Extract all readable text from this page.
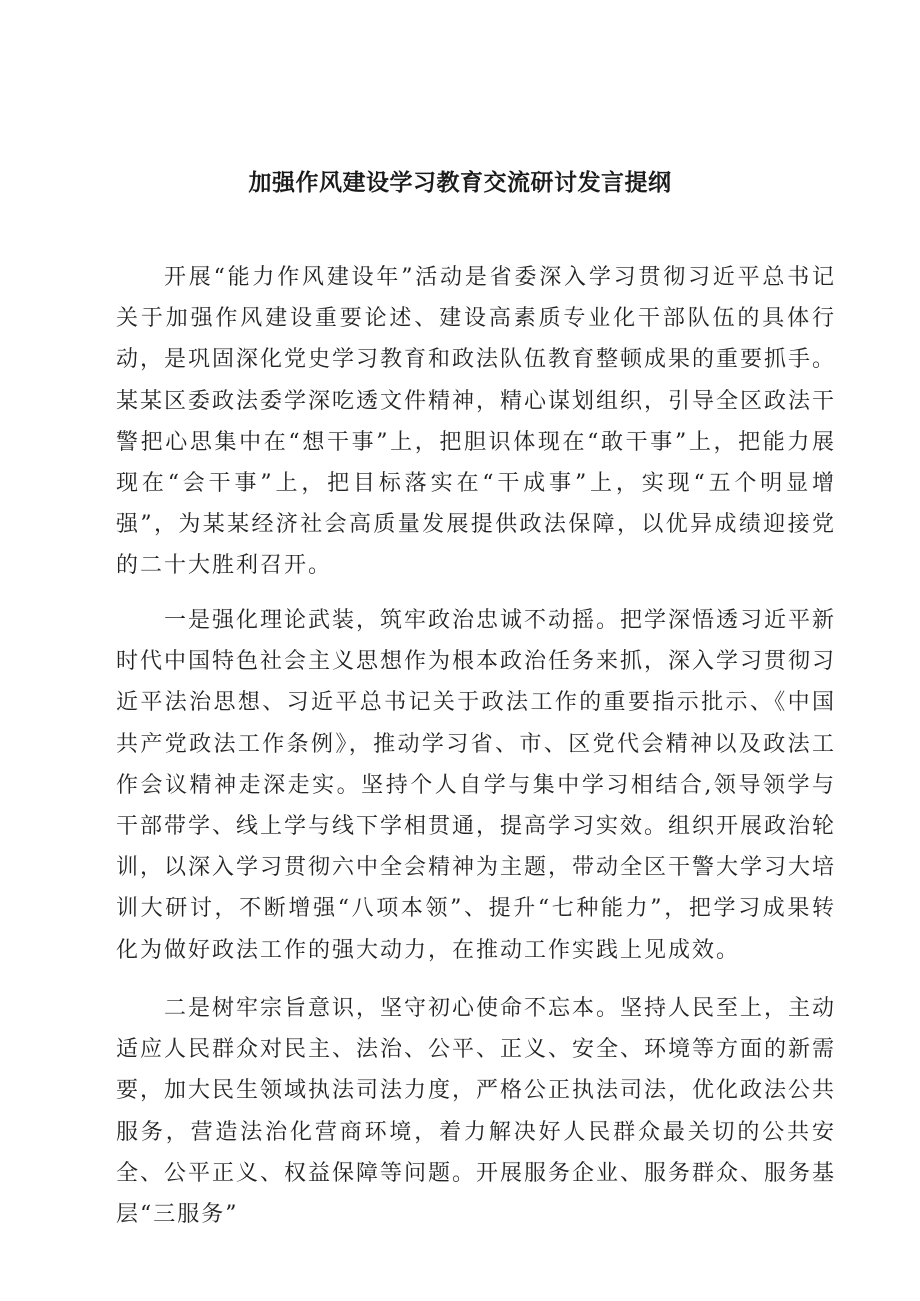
加强作风建设学习教育交流研讨发言提纲

开展“能力作风建设年”活动是省委深入学习贯彻习近平总书记关于加强作风建设重要论述、建设高素质专业化干部队伍的具体行动，是巩固深化党史学习教育和政法队伍教育整顿成果的重要抓手。某某区委政法委学深吃透文件精神，精心谋划组织，引导全区政法干警把心思集中在“想干事”上，把胆识体现在“敢干事”上，把能力展现在“会干事”上，把目标落实在“干成事”上，实现“五个明显增强”，为某某经济社会高质量发展提供政法保障，以优异成绩迎接党的二十大胜利召开。

一是强化理论武装，筑牢政治忠诚不动摇。把学深悟透习近平新时代中国特色社会主义思想作为根本政治任务来抓，深入学习贯彻习近平法治思想、习近平总书记关于政法工作的重要指示批示、《中国共产党政法工作条例》，推动学习省、市、区党代会精神以及政法工作会议精神走深走实。坚持个人自学与集中学习相结合,领导领学与干部带学、线上学与线下学相贯通，提高学习实效。组织开展政治轮训，以深入学习贯彻六中全会精神为主题，带动全区干警大学习大培训大研讨，不断增强“八项本领”、提升“七种能力”，把学习成果转化为做好政法工作的强大动力，在推动工作实践上见成效。

二是树牢宗旨意识，坚守初心使命不忘本。坚持人民至上，主动适应人民群众对民主、法治、公平、正义、安全、环境等方面的新需要，加大民生领域执法司法力度，严格公正执法司法，优化政法公共服务，营造法治化营商环境，着力解决好人民群众最关切的公共安全、公平正义、权益保障等问题。开展服务企业、服务群众、服务基层“三服务”
